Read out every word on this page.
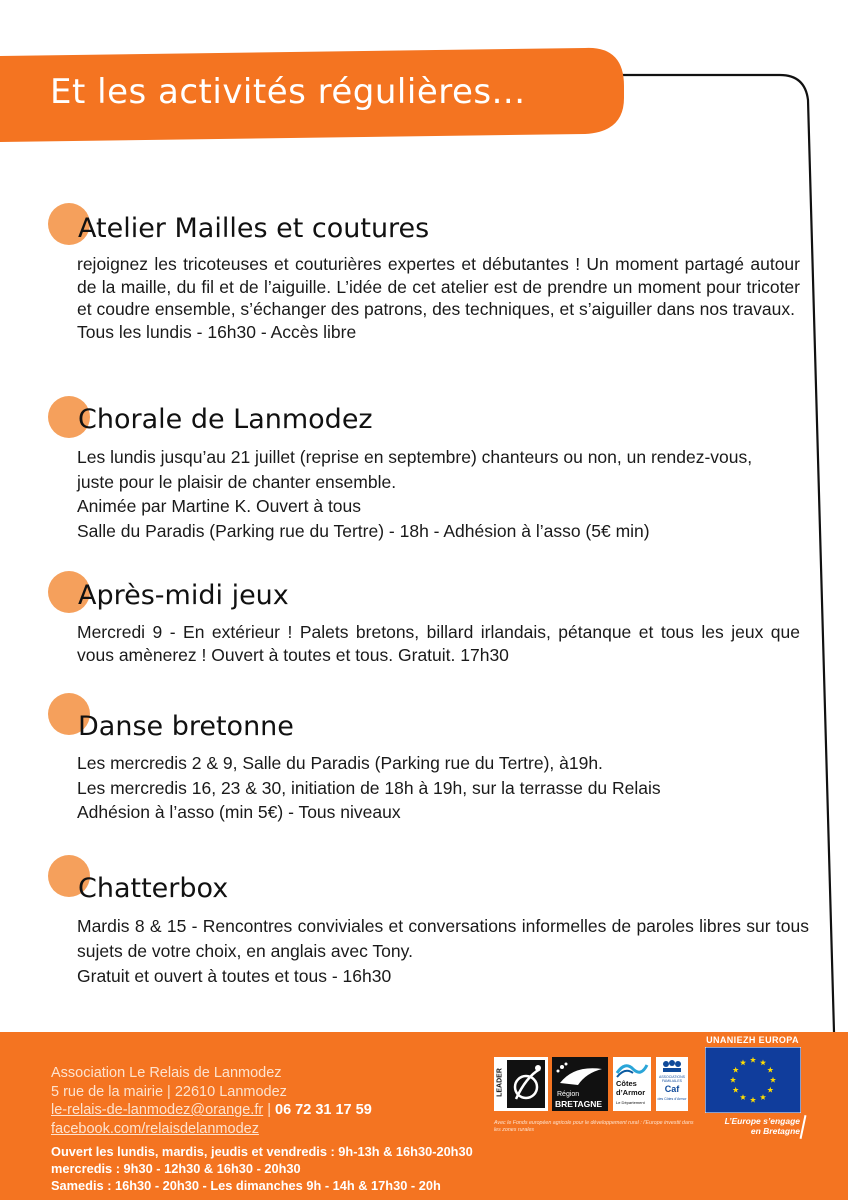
Et les activités régulières...
Atelier Mailles et coutures

rejoignez les tricoteuses et couturières expertes et débutantes ! Un moment partagé autour de la maille, du fil et de l’aiguille. L’idée de cet atelier est de prendre un moment pour tricoter et coudre ensemble, s’échanger des patrons, des techniques, et s’aiguiller dans nos travaux.

Tous les lundis - 16h30 - Accès libre

Chorale de Lanmodez

Les lundis jusqu’au 21 juillet (reprise en septembre) chanteurs ou non, un rendez-vous, juste pour le plaisir de chanter ensemble.

Animée par Martine K. Ouvert à tous

Salle du Paradis (Parking rue du Tertre) - 18h - Adhésion à l’asso (5€ min)

Après-midi jeux

Mercredi 9 - En extérieur ! Palets bretons, billard irlandais, pétanque et tous les jeux que vous amènerez ! Ouvert à toutes et tous. Gratuit. 17h30

Danse bretonne

Les mercredis 2 & 9, Salle du Paradis (Parking rue du Tertre), à19h.

Les mercredis 16, 23 & 30, initiation de 18h à 19h, sur la terrasse du Relais

Adhésion à l’asso (min 5€) - Tous niveaux

Chatterbox

Mardis 8 & 15 - Rencontres conviviales et conversations informelles de paroles libres sur tous sujets de votre choix, en anglais avec Tony.

Gratuit et ouvert à toutes et tous - 16h30

Association Le Relais de Lanmodez
5 rue de la mairie | 22610 Lanmodez
le-relais-de-lanmodez@orange.fr | 06 72 31 17 59
facebook.com/relaisdelanmodez
Ouvert les lundis, mardis, jeudis et vendredis : 9h-13h & 16h30-20h30
mercredis : 9h30 - 12h30 & 16h30 - 20h30
Samedis : 16h30 - 20h30 - Les dimanches 9h - 14h & 17h30 - 20h
LEADER	Région
BRETAGNE
Côtes
d’Armor
Le Département
ASSOCIATIONS FAMILIALES
Caf
des Côtes d’Armor
Avec le Fonds européen agricole pour le développement rural : l’Europe investit dans les zones rurales
UNANIEZH EUROPA
L’Europe s’engage
en Bretagne
